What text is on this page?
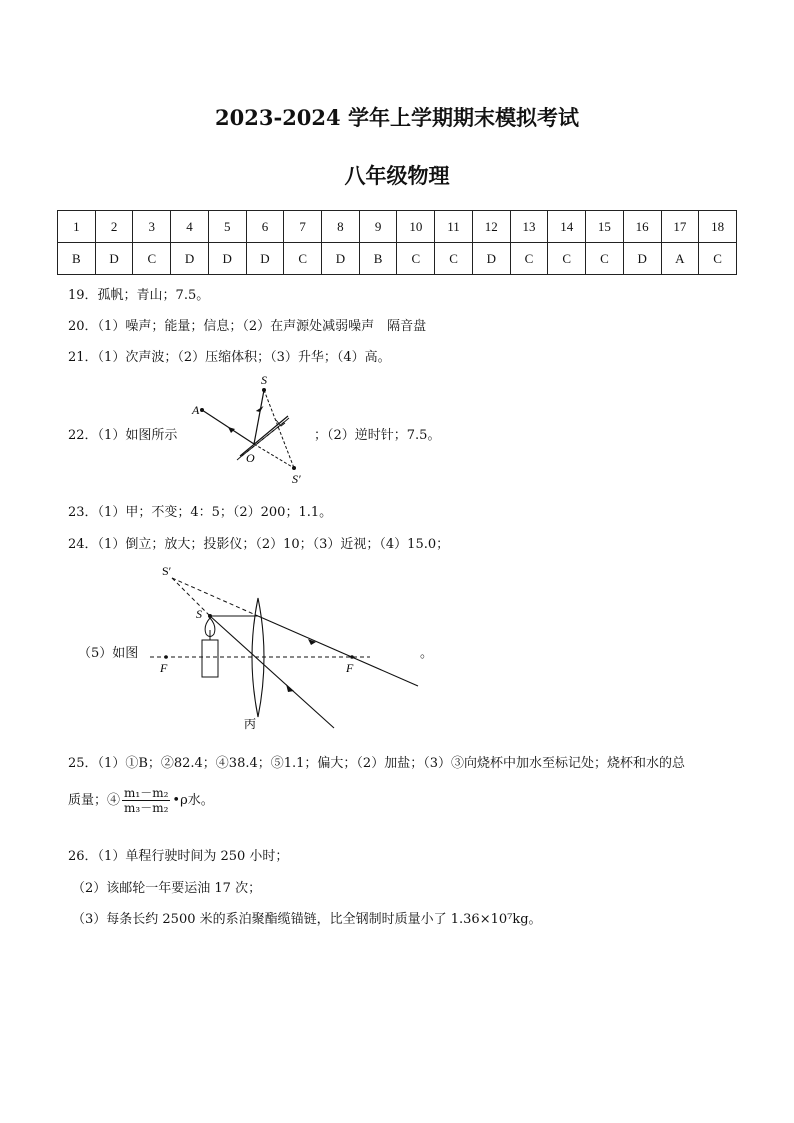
2023-2024 学年上学期期末模拟考试
八年级物理
1	2	3	4	5	6	7	8	9	10	11	12	13	14	15	16	17	18
B	D	C	D	D	D	C	D	B	C	C	D	C	C	C	D	A	C
19．孤帆；青山；7.5。
20．（1）噪声；能量；信息；（2）在声源处减弱噪声　隔音盘
21．（1）次声波；（2）压缩体积；（3）升华；（4）高。
22．（1）如图所示
S
A
O
S′
；（2）逆时针；7.5。
23．（1）甲；不变；4：5；（2）200；1.1。
24．（1）倒立；放大；投影仪；（2）10；（3）近视；（4）15.0；
（5）如图
S′
S
F	F
丙
。
25．（1）①B；②82.4；④38.4；⑤1.1；偏大；（2）加盐；（3）③向烧杯中加水至标记处；烧杯和水的总
质量；④ $\frac{\text{m₁－m₂}}{\text{m₃－m₂}}$ •ρ水。
26．（1）单程行驶时间为 250 小时；
（2）该邮轮一年要运油 17 次；
（3）每条长约 2500 米的系泊聚酯缆锚链，比全钢制时质量小了 1.36×10⁷kg。
